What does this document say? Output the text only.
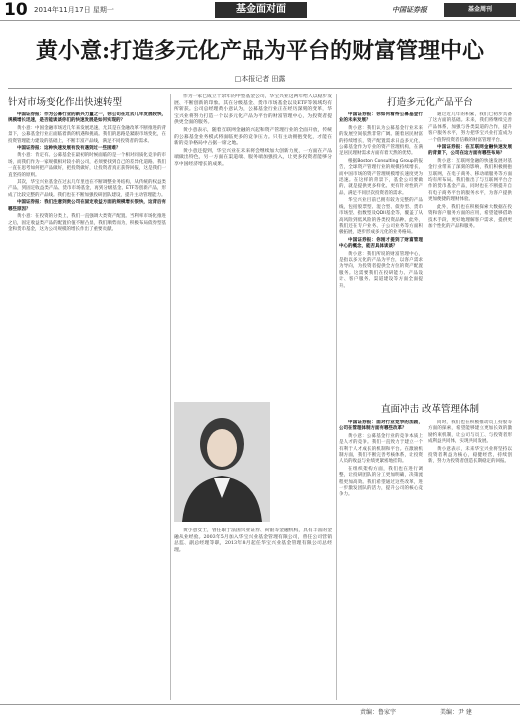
10 2014年11月17日 星期一	基金面对面	中国证券报	基金周刊
黄小意:打造多元化产品为平台的财富管理中心
□本报记者 田露
针对市场变化作出快速转型

中国证券报：作为公募行业的新兴力量之一，你公司在过去几年发展较快，规模增长迅速，是否能谈谈你们的快速发展是如何实现的？

黄小意：中国金融市场近几年来发展迅速，尤其是在金融改革不断推进的背景下，公募基金行业正面临着新的机遇和挑战。我们的思路是紧跟市场变化，在投资管理能力建设的基础上，不断丰富产品线，满足不同投资者的需求。

中国证券报：这种快速发展有没有遇到过一些困难？

黄小意：肯定有。公募基金在最初的时候面临的是一个相对同质化竞争的市场，而我们作为一家规模相对较小的公司，必须要找到自己的差异化道路。我们一直在思考如何把产品做好，把投资做好，让投资者真正获得回报，这是我们一直坚持的原则。

其次，华宝兴业基金在过去几年里也在不断调整业务结构，从传统的权益类产品，到固定收益类产品、货币市场基金，再到分级基金、ETF等创新产品，形成了比较完整的产品线。我们也在不断加强投研团队建设，提升主动管理能力。

中国证券报：我们注意到贵公司在固定收益方面的规模增长很快，这背后有哪些原因？

黄小意：在投资的分类上，我们一直强调大类资产配置。当利率市场化推进之后，固定收益类产品的配置价值不断凸显，我们顺势而为，积极布局债券型基金和货币基金，这为公司规模的增长作出了重要贡献。

作为一家已成立十余年的中型基金公司，华宝兴业这两年给人以稳步发展、不断创新的印象。其在分级基金、货币市场基金以及ETF等领域均有所斩获。公司总经理黄小意认为，公募基金行业正在经历深刻的变革，华宝兴业将努力打造一个以多元化产品为平台的财富管理中心，为投资者提供更全面的服务。

黄小意表示，随着互联网金融的兴起和资产管理行业的全面开放，传统的公募基金业务模式将面临更多的竞争压力。只有主动拥抱变化，才能在新的竞争格局中占据一席之地。

黄小意还提到，华宝兴业在未来将会继续加大创新力度，一方面在产品端做出特色，另一方面在渠道端、服务端加强投入，让更多投资者能够分享中国经济增长的成果。

打造多元化产品平台

中国证券报：你如何看待公募基金行业的未来发展？

黄小意：我们认为公募基金行业未来的发展空间依然非常广阔。随着居民财富的持续增长，资产配置需求日益多元化，公募基金作为专业的资产管理机构，在满足居民理财需求方面有着天然的优势。

根据Boston Consulting Group的报告，全球资产管理行业的规模持续增长，而中国市场的资产管理规模增长速度更为迅速。在这样的背景下，基金公司要做的，就是提供更多样化、更有针对性的产品，满足不同层次投资者的需求。

华宝兴业目前已拥有较为完整的产品线，包括股票型、混合型、债券型、货币市场型、指数型及QDII基金等，覆盖了从高风险到低风险的各类投资品种。此外，我们还在专户业务、子公司业务等方面积极拓展，逐步形成多元化的业务格局。

中国证券报：你刚才提到了财富管理中心的概念，能否具体谈谈？

黄小意：我们所说的财富管理中心，是指以多元化的产品为平台，以客户需求为导向，为投资者提供全方位的资产配置服务。这需要我们在投研能力、产品设计、客户服务、渠道建设等方面全面提升。

通过近几年的积累，我们已初步具备了这方面的基础。未来，我们将继续完善产品体系，加强与各类渠道的合作，提升客户服务水平，努力把华宝兴业打造成为一个值得投资者信赖的财富管理平台。

中国证券报：在互联网金融快速发展的背景下，公司在这方面有哪些布局？

黄小意：互联网金融的快速发展对基金行业带来了深刻的影响，我们积极拥抱互联网，在电子商务、移动端服务等方面均有所布局。我们推出了与互联网平台合作的货币基金产品，同时也在不断提升自有电子商务平台的服务水平，为客户提供更加便捷的理财体验。

此外，我们也在积极探索大数据在投资和客户服务方面的应用，希望能够借助技术手段，更好地理解客户需求，提供更加个性化的产品和服务。

黄小意女士，曾任职于法国兴业证券、荷银等金融机构，具有丰富的金融从业经验。2003年5月加入华宝兴业基金管理有限公司，曾任公司营销总监、副总经理等职，2013年8月起任华宝兴业基金管理有限公司总经理。

直面冲击 改革管理体制

中国证券报：面对行业竞争的加剧，公司在管理体制方面有哪些改革？

黄小意：公募基金行业的竞争本质上是人才的竞争。我们一直致力于建立一个有利于人才成长的机制和平台。在激励机制方面，我们不断完善考核体系，让投资人员的收益与业绩更紧密地挂钩。

在组织架构方面，我们也在进行调整，让投研团队的分工更加明确，决策流程更加高效。我们希望通过这些改革，进一步激发团队的活力，提升公司的核心竞争力。

同时，我们也在积极推动员工持股等方面的探索，希望能够建立更加长效的激励约束机制，让公司与员工、与投资者形成利益共同体，实现共同发展。

黄小意表示，未来华宝兴业将坚持以投资者利益为核心，稳健经营，持续创新，努力为投资者创造长期稳定的回报。

责编：鲁家宇	美编：尹 建
